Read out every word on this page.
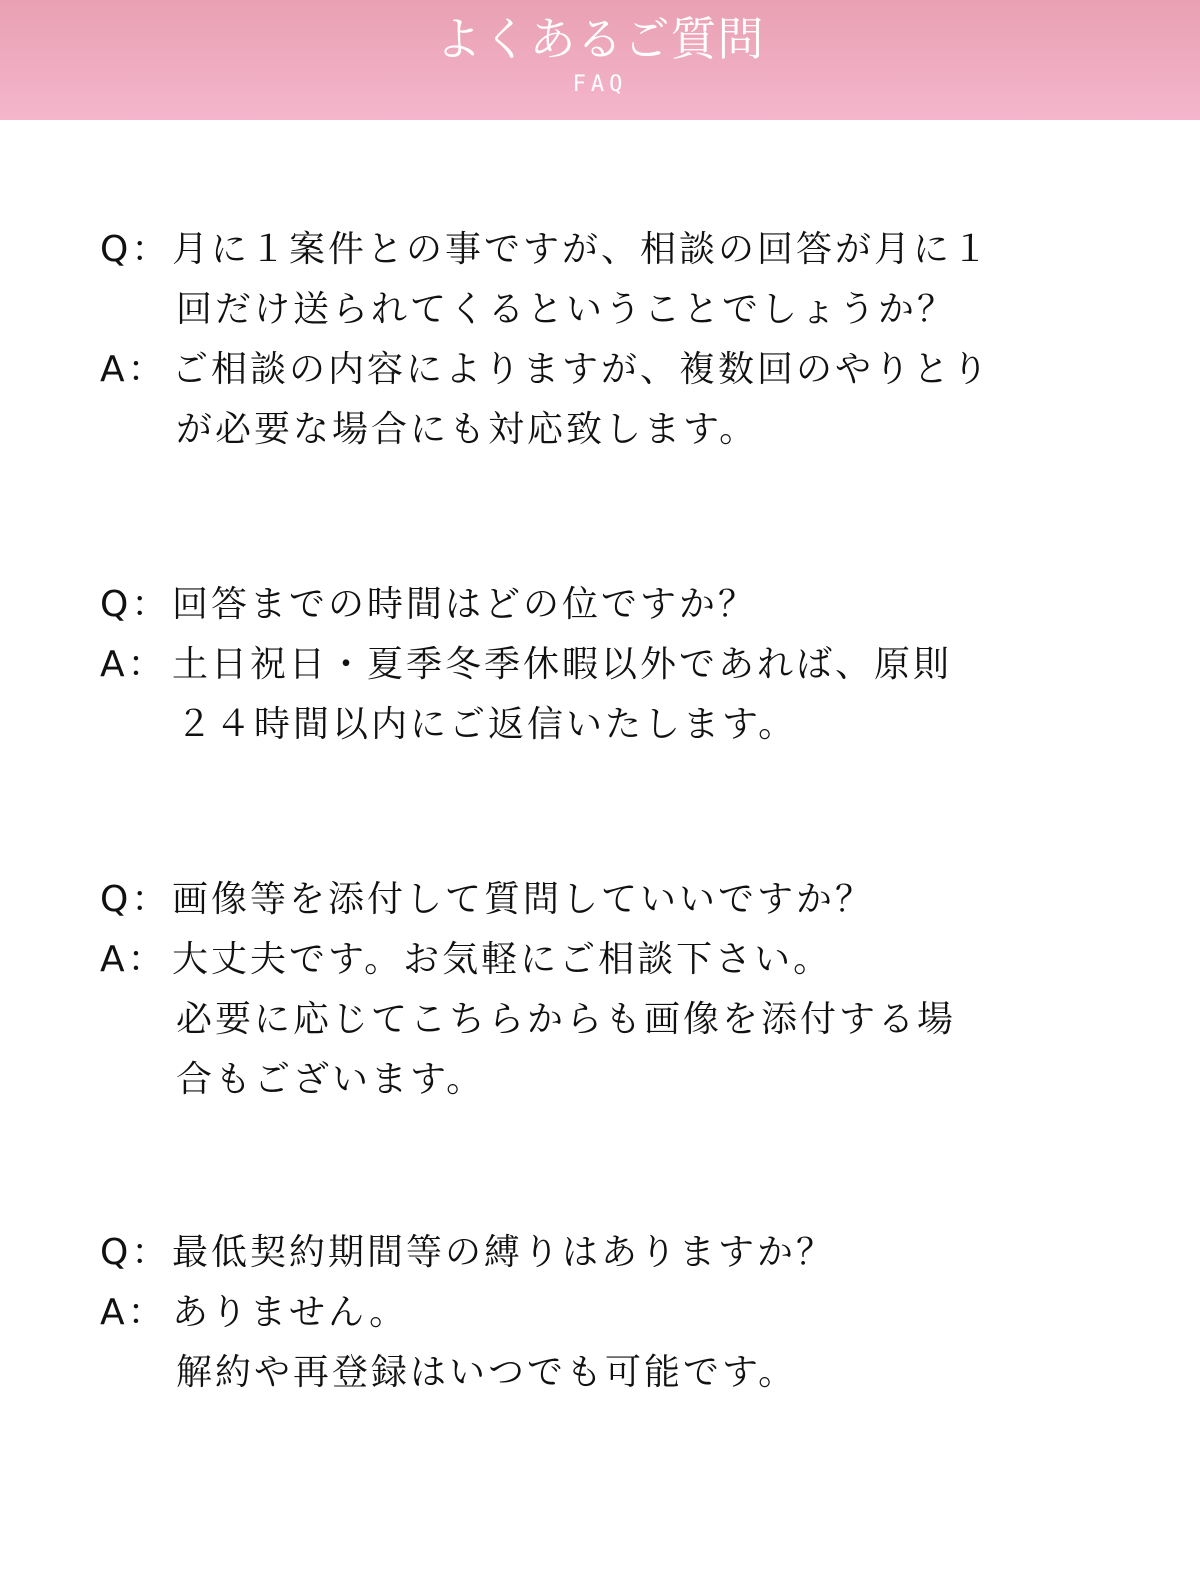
よくあるご質問
FAQ
Q： 月に１案件との事ですが、相談の回答が月に１
回だけ送られてくるということでしょうか？
A： ご相談の内容によりますが、複数回のやりとり
が必要な場合にも対応致します。
Q： 回答までの時間はどの位ですか？
A： 土日祝日・夏季冬季休暇以外であれば、原則
２４時間以内にご返信いたします。
Q： 画像等を添付して質問していいですか？
A： 大丈夫です。お気軽にご相談下さい。
必要に応じてこちらからも画像を添付する場
合もございます。
Q： 最低契約期間等の縛りはありますか？
A： ありません。
解約や再登録はいつでも可能です。
